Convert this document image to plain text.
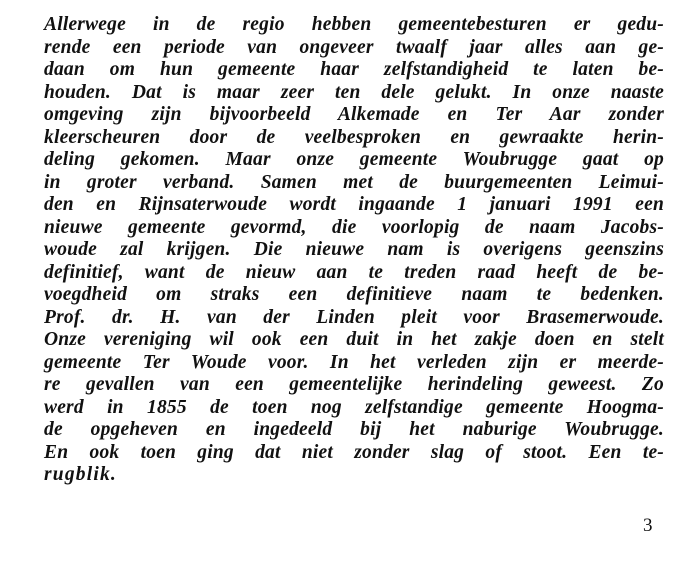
Allerwege in de regio hebben gemeentebesturen er gedu-
rende een periode van ongeveer twaalf jaar alles aan ge-
daan om hun gemeente haar zelfstandigheid te laten be-
houden. Dat is maar zeer ten dele gelukt. In onze naaste
omgeving zijn bijvoorbeeld Alkemade en Ter Aar zonder
kleerscheuren door de veelbesproken en gewraakte herin-
deling gekomen. Maar onze gemeente Woubrugge gaat op
in groter verband. Samen met de buurgemeenten Leimui-
den en Rijnsaterwoude wordt ingaande 1 januari 1991 een
nieuwe gemeente gevormd, die voorlopig de naam Jacobs-
woude zal krijgen. Die nieuwe nam is overigens geenszins
definitief, want de nieuw aan te treden raad heeft de be-
voegdheid om straks een definitieve naam te bedenken.
Prof. dr. H. van der Linden pleit voor Brasemerwoude.
Onze vereniging wil ook een duit in het zakje doen en stelt
gemeente Ter Woude voor. In het verleden zijn er meerde-
re gevallen van een gemeentelijke herindeling geweest. Zo
werd in 1855 de toen nog zelfstandige gemeente Hoogma-
de opgeheven en ingedeeld bij het naburige Woubrugge.
En ook toen ging dat niet zonder slag of stoot. Een te-
rugblik.
3
